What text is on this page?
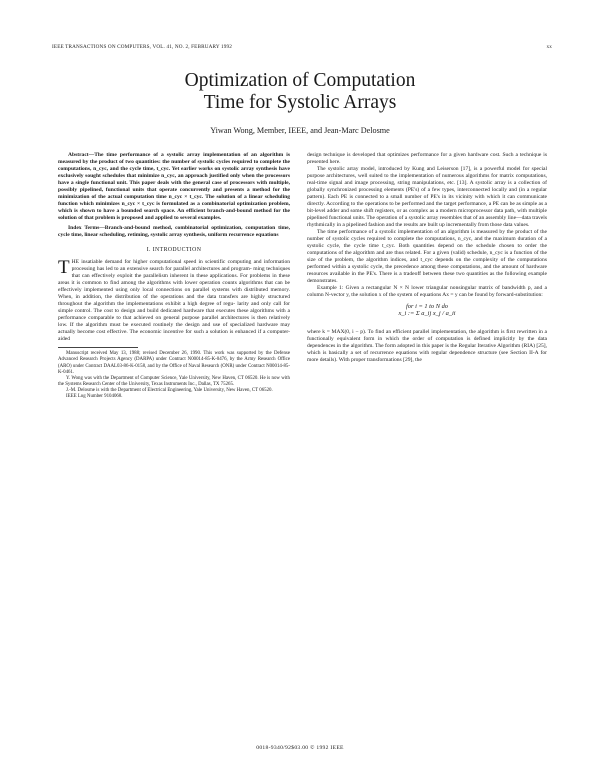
IEEE TRANSACTIONS ON COMPUTERS, VOL. 41, NO. 2, FEBRUARY 1992	xx
Optimization of Computation
Time for Systolic Arrays
Yiwan Wong, Member, IEEE, and Jean-Marc Delosme

Abstract—The time performance of a systolic array implementation of an algorithm is measured by the product of two quantities: the number of systolic cycles required to complete the computations, n_cyc, and the cycle time, t_cyc. Yet earlier works on systolic array synthesis have exclusively sought schedules that minimize n_cyc, an approach justified only when the processors have a single functional unit. This paper deals with the general case of processors with multiple, possibly pipelined, functional units that operate concurrently and presents a method for the minimization of the actual computation time n_cyc × t_cyc. The solution of a linear scheduling function which minimizes n_cyc × t_cyc is formulated as a combinatorial optimization problem, which is shown to have a bounded search space. An efficient branch-and-bound method for the solution of that problem is proposed and applied to several examples.

Index Terms—Branch-and-bound method, combinatorial optimization, computation time, cycle time, linear scheduling, retiming, systolic array synthesis, uniform recurrence equations

I. INTRODUCTION

THE insatiable demand for higher computational speed in scientific computing and information processing has led to an extensive search for parallel architectures and program- ming techniques that can effectively exploit the parallelism inherent in these applications. For problems in these areas it is common to find among the algorithms with lower operation counts algorithms that can be effectively implemented using only local connections on parallel systems with distributed memory. When, in addition, the distribution of the operations and the data transfers are highly structured throughout the algorithm the implementations exhibit a high degree of regu- larity and only call for simple control. The cost to design and build dedicated hardware that executes these algorithms with a performance comparable to that achieved on general purpose parallel architectures is then relatively low. If the algorithm must be executed routinely the design and use of specialized hardware may actually become cost effective. The economic incentive for such a solution is enhanced if a computer-aided

Manuscript received May 13, 1988; revised December 26, 1990. This work was supported by the Defense Advanced Research Projects Agency (DARPA) under Contract N00014-85-K-0476, by the Army Research Office (ARO) under Contract DAAL03-86-K-0158, and by the Office of Naval Research (ONR) under Contract N00014-85-K-0461.

Y. Wong was with the Department of Computer Science, Yale University, New Haven, CT 06520. He is now with the Systems Research Center of the University, Texas Instruments Inc., Dallas, TX 75265.

J.-M. Delosme is with the Department of Electrical Engineering, Yale University, New Haven, CT 06520.

IEEE Log Number 9104068.

design technique is developed that optimizes performance for a given hardware cost. Such a technique is presented here.

The systolic array model, introduced by Kung and Leiserson [17], is a powerful model for special purpose architectures, well suited to the implementation of numerous algorithms for matrix computations, real-time signal and image processing, string manipulations, etc. [13]. A systolic array is a collection of globally synchronized processing elements (PE's) of a few types, interconnected locally and (in a regular pattern). Each PE is connected to a small number of PE's in its vicinity with which it can communicate directly. According to the operations to be performed and the target performance, a PE can be as simple as a bit-level adder and some shift registers, or as complex as a modern microprocessor data path, with multiple pipelined functional units. The operation of a systolic array resembles that of an assembly line—data travels rhythmically in a pipelined fashion and the results are built up incrementally from those data values.

The time performance of a systolic implementation of an algorithm is measured by the product of the number of systolic cycles required to complete the computations, n_cyc, and the maximum duration of a systolic cycle, the cycle time t_cyc. Both quantities depend on the schedule chosen to order the computations of the algorithm and are thus related. For a given (valid) schedule, n_cyc is a function of the size of the problem, the algorithm indices, and t_cyc depends on the complexity of the computations performed within a systolic cycle, the precedence among these computations, and the amount of hardware resources available in the PE's. There is a tradeoff between these two quantities as the following example demonstrates.

Example 1: Given a rectangular N × N lower triangular nonsingular matrix of bandwidth p, and a column N-vector y, the solution x of the system of equations Ax = y can be found by forward-substitution:

for i = 1 to N do
x_i := Σ a_ij x_j / a_ii

where k = MAX(0, i − p). To find an efficient parallel implementation, the algorithm is first rewritten in a functionally equivalent form in which the order of computation is defined implicitly by the data dependences in the algorithm. The form adopted in this paper is the Regular Iterative Algorithm (RIA) [25], which is basically a set of recurrence equations with regular dependence structure (see Section II-A for more details). With proper transformations [29], the

0018-9340/92$03.00 © 1992 IEEE
